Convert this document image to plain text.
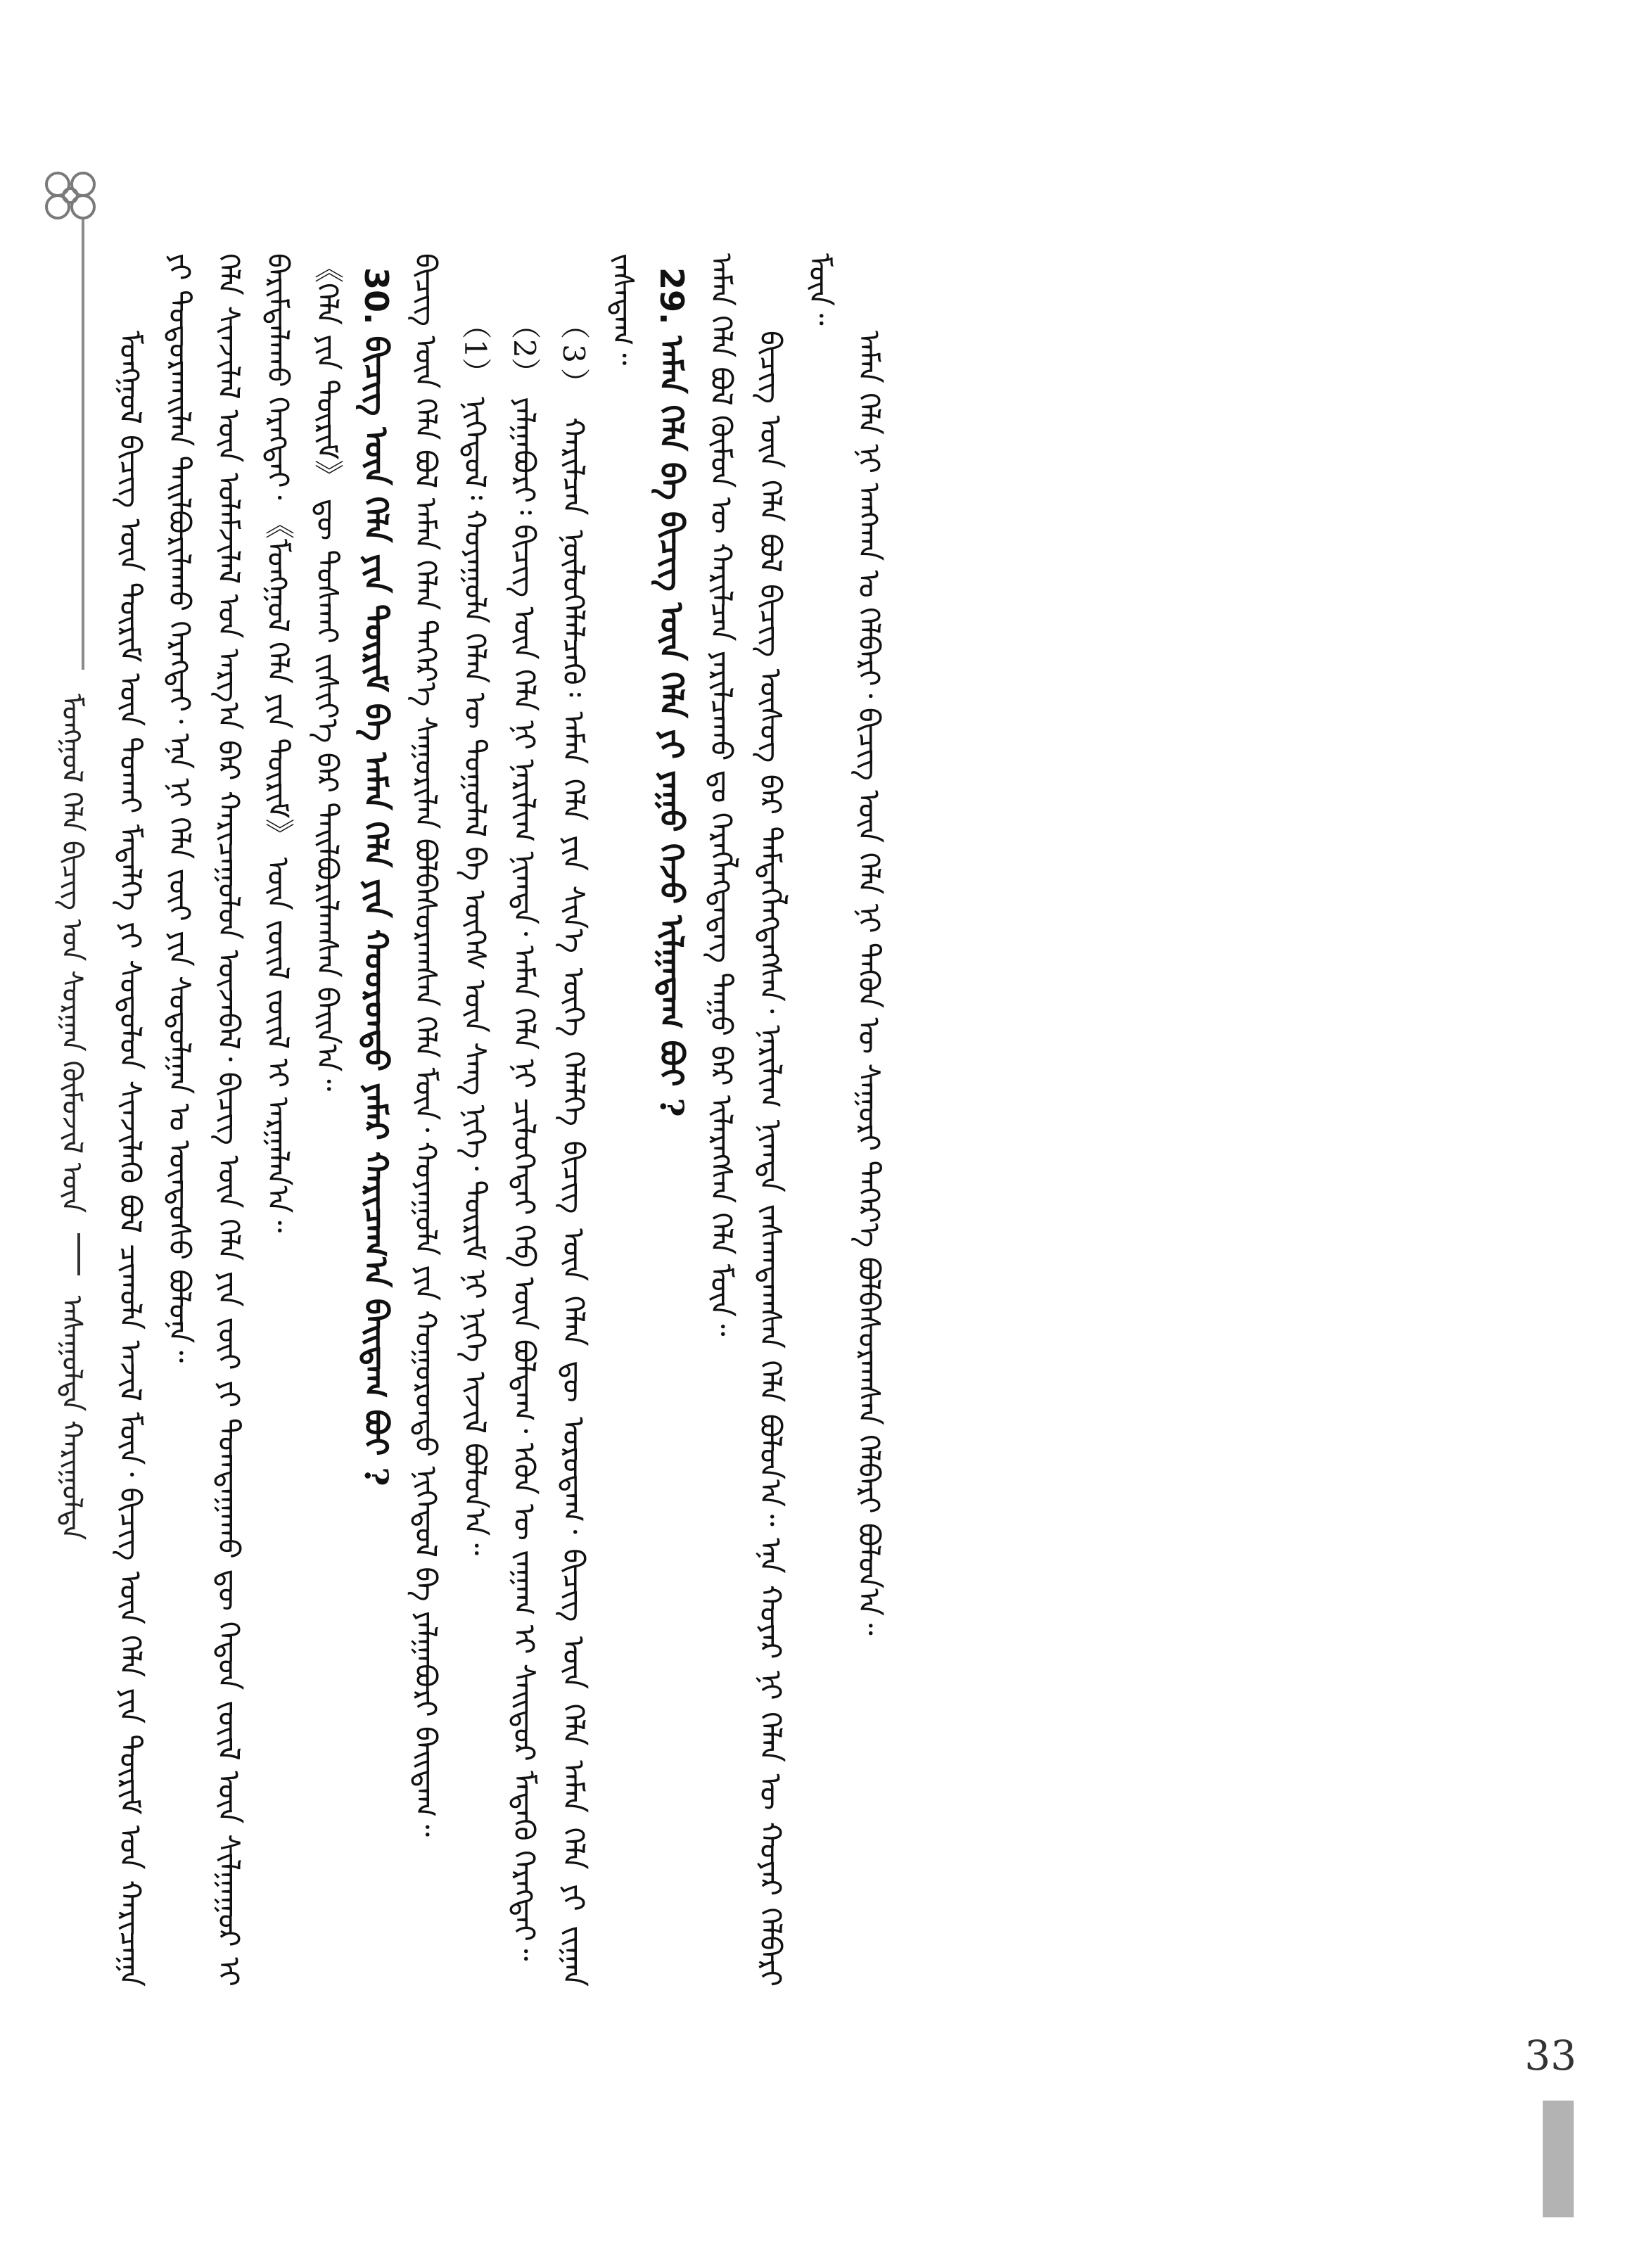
ᠮᠣᠩᠭᠣᠯ ᠬᠡᠯᠡ ᠪᠢᠴᠢᠭ ᠤᠨ ᠰᠤᠷᠭᠠᠨ ᠬᠦᠮᠦᠵᠢᠯ ᠦᠨ  ᠠᠰᠠᠭᠤᠯᠲᠠ ᠬᠠᠷᠢᠭᠤᠯᠲᠠ ᠮᠣᠩᠭᠣᠯ ᠪᠢᠴᠢᠭ ᠦᠨ ᠳᠦᠷᠢᠮ ᠦᠨ ᠲᠤᠬᠠᠢ ᠮᠡᠳᠡᠯᠭᠡ ᠶᠢ ᠰᠤᠳᠤᠯᠤᠨ ᠰᠢᠨᠵᠢᠯᠡᠬᠦ ᠪᠣᠯ ᠴᠢᠬᠤᠯᠠ ᠠᠵᠢᠯ ᠮᠥᠨ᠂ ᠪᠢᠴᠢᠭ ᠦᠨ ᠬᠡᠯᠡ ᠶᠢᠨ ᠳᠦᠷᠢᠮ ᠤᠨ ᠬᠠᠷᠢᠴᠠᠭᠠ ᠶᠢ ᠲᠣᠳᠣᠷᠬᠠᠢᠯᠠᠨ ᠲᠠᠢᠯᠪᠤᠷᠢᠯᠠᠬᠤ ᠬᠡᠷᠡᠭᠲᠡᠢ᠂ ᠡᠨᠡ ᠨᠢ ᠬᠡᠯᠡ ᠵᠦᠢ ᠶᠢᠨ ᠰᠤᠳᠤᠯᠭᠠᠨ ᠤ ᠦᠨᠳᠦᠰᠦ ᠪᠣᠯᠤᠨᠠ᠃ ᠬᠡᠯᠡ ᠰᠢᠨᠵᠢᠯᠡᠯ ᠦᠨ ᠤᠯᠠᠮᠵᠢᠯᠠᠯ ᠤᠨ ᠠᠷᠭ᠎ᠠ ᠪᠠᠷ ᠬᠠᠷᠢᠴᠠᠭᠤᠯᠤᠨ ᠦᠵᠡᠪᠡᠯ᠂ ᠪᠢᠴᠢᠭ ᠦᠨ ᠬᠡᠯᠡ ᠶᠢᠨ ᠵᠦᠢ ᠶᠢ ᠲᠣᠭᠲᠠᠭᠠᠬᠤ ᠳᠦ ᠬᠡᠳᠦᠨ ᠵᠦᠢᠯ ᠦᠨ ᠰᠢᠯᠭᠠᠭᠤᠷ ᠢ ᠪᠠᠷᠢᠮᠳᠠᠯᠠᠬᠤ ᠬᠡᠷᠡᠭᠲᠡᠢ᠂ 《ᠮᠣᠩᠭᠣᠯ ᠬᠡᠯᠡ ᠶᠢᠨ ᠳᠦᠷᠢᠮ》 ᠦᠨ ᠵᠦᠢᠯ ᠵᠦᠢᠯ ᠢ ᠠᠷᠭᠠᠯᠠᠨ᠎ᠠ᠃ 《ᠬᠡᠯᠡ ᠶᠢᠨ ᠳᠦᠷᠢᠮ》 ᠳᠦ ᠲᠤᠰᠬᠠᠢ ᠵᠢᠱᠢᠶ᠎ᠡ ᠪᠠᠷ ᠲᠠᠢᠯᠪᠤᠷᠢᠯᠠᠭᠰᠠᠨ ᠪᠠᠢᠨ᠎ᠠ᠃ 30. ᠪᠢᠴᠢᠭ ᠦᠨ ᠬᠡᠯᠡ ᠶᠢᠨ ᠳᠦᠷᠢᠮ ᠪᠠ ᠠᠮᠠᠨ ᠬᠡᠯᠡ ᠶᠢᠨ ᠬᠣᠣᠷᠣᠨᠳᠤ ᠶᠠᠮᠠᠷ ᠬᠠᠷᠢᠴᠠᠭ᠎ᠠ ᠪᠠᠢᠳᠠᠭ ᠪᠤᠢ ? ᠪᠢᠴᠢᠭ ᠦᠨ ᠬᠡᠯᠡ ᠪᠣᠯ ᠠᠮᠠᠨ ᠬᠡᠯᠡᠨ ᠳᠡᠭᠡᠷ᠎ᠡ ᠰᠠᠭᠤᠷᠢᠯᠠᠨ ᠪᠣᠯᠪᠠᠰᠤᠷᠠᠭᠰᠠᠨ ᠬᠡᠯᠡ ᠮᠥᠨ᠂ ᠬᠣᠶᠠᠭᠤᠯᠠ ᠶᠢᠨ ᠬᠣᠭᠣᠷᠣᠨᠳᠣ ᠨᠢᠭᠡᠳᠦᠯ ᠪᠠ ᠶᠠᠯᠭᠠᠪᠤᠷᠢ ᠪᠠᠢᠳᠠᠭ᠃ （1） ᠨᠢᠭᠡᠳᠦᠯ᠄ ᠬᠣᠶᠠᠭᠤᠯᠠ ᠬᠡᠯᠡᠨ ᠦ ᠲᠤᠭᠤᠯᠠᠯ ᠪᠠ ᠦᠭᠡᠰ ᠦᠨ ᠰᠠᠩ ᠨᠢᠭᠡ᠂ ᠳᠦᠷᠢᠮ ᠨᠢ ᠨᠢᠭᠡ ᠢᠵᠢᠯ ᠪᠣᠯᠤᠨ᠎ᠠ᠃

（2） ᠶᠠᠯᠭᠠᠪᠤᠷᠢ᠄ ᠪᠢᠴᠢᠭ ᠦᠨ ᠬᠡᠯᠡ ᠨᠢ ᠨᠠᠷᠢᠯᠢᠭ ᠨᠢᠭᠲᠠ᠂ ᠠᠮᠠᠨ ᠬᠡᠯᠡ ᠨᠢ ᠴᠢᠯᠦᠭᠡᠲᠡᠢ ᠬᠡᠪ ᠦᠨ ᠪᠣᠯᠳᠠᠭ᠂ ᠡᠭᠦᠨ ᠦ ᠵᠠᠭᠠᠭ ᠢ ᠰᠠᠢᠲᠤᠷ ᠮᠡᠳᠡᠬᠦ ᠬᠡᠷᠡᠭᠲᠡᠢ᠃

（3） ᠬᠠᠷᠢᠯᠴᠠᠨ ᠨᠥᠯᠦᠭᠡᠯᠡᠯᠴᠡᠬᠦ᠄ ᠠᠮᠠᠨ ᠬᠡᠯᠡ ᠶᠢᠨ ᠰᠢᠨ᠎ᠡ ᠦᠭᠡ ᠬᠡᠯᠡᠯᠭᠡ ᠪᠢᠴᠢᠭ ᠦᠨ ᠬᠡᠯᠡᠨ ᠳᠦ ᠣᠷᠣᠳᠠᠭ᠂ ᠪᠢᠴᠢᠭ ᠦᠨ ᠬᠡᠯᠡ ᠠᠮᠠᠨ ᠬᠡᠯᠡ ᠶᠢ ᠵᠢᠭᠠᠨ ᠵᠠᠰᠠᠳᠠᠭ᠃ 29. ᠠᠮᠠᠨ ᠬᠡᠯᠡ ᠪᠠ ᠪᠢᠴᠢᠭ ᠦᠨ ᠬᠡᠯᠡ ᠶᠢ ᠶᠠᠭᠤ ᠭᠡᠵᠦ ᠢᠯᠭᠠᠳᠠᠭ ᠪᠤᠢ ? ᠠᠮᠠᠨ ᠬᠡᠯᠡ ᠪᠣᠯ ᠬᠦᠮᠦᠨ ᠦ ᠬᠠᠷᠢᠯᠴᠠᠨ ᠶᠠᠷᠢᠯᠴᠠᠬᠤ ᠳᠤ ᠬᠡᠷᠡᠭᠯᠡᠭᠳᠡᠳᠡᠭ ᠳᠠᠭᠤ ᠪᠠᠷ ᠢᠯᠡᠷᠡᠭᠰᠡᠨ ᠬᠡᠯᠡ ᠮᠥᠨ᠃ ᠪᠢᠴᠢᠭ ᠦᠨ ᠬᠡᠯᠡ ᠪᠣᠯ ᠪᠢᠴᠢᠭ ᠦᠰᠦᠭ ᠪᠠᠷ ᠲᠡᠮᠳᠡᠭᠯᠡᠭᠳᠡᠭᠰᠡᠨ᠂ ᠨᠠᠷᠢᠯᠢᠭ ᠨᠢᠭᠲᠠ ᠵᠠᠰᠠᠭᠳᠠᠭᠰᠠᠨ ᠬᠡᠯᠡ ᠪᠣᠯᠤᠨ᠎ᠠ᠃ ᠡᠨᠡ ᠬᠣᠶᠠᠷ ᠨᠢ ᠬᠡᠯᠡᠨ ᠦ ᠬᠣᠶᠠᠷ ᠬᠡᠯᠪᠡᠷᠢ ᠮᠥᠨ᠃

ᠠᠮᠠᠨ ᠬᠡᠯᠡ ᠨᠢ ᠠᠩᠬᠠᠨ ᠤ ᠬᠡᠯᠪᠡᠷᠢ᠂ ᠪᠢᠴᠢᠭ ᠦᠨ ᠬᠡᠯᠡ ᠨᠢ ᠲᠡᠭᠦᠨ ᠦ ᠰᠠᠭᠤᠷᠢ ᠳᠡᠭᠡᠷ᠎ᠡ ᠪᠣᠯᠪᠠᠰᠤᠷᠠᠭᠰᠠᠨ ᠬᠡᠯᠪᠡᠷᠢ ᠪᠣᠯᠤᠨ᠎ᠠ᠃

33
